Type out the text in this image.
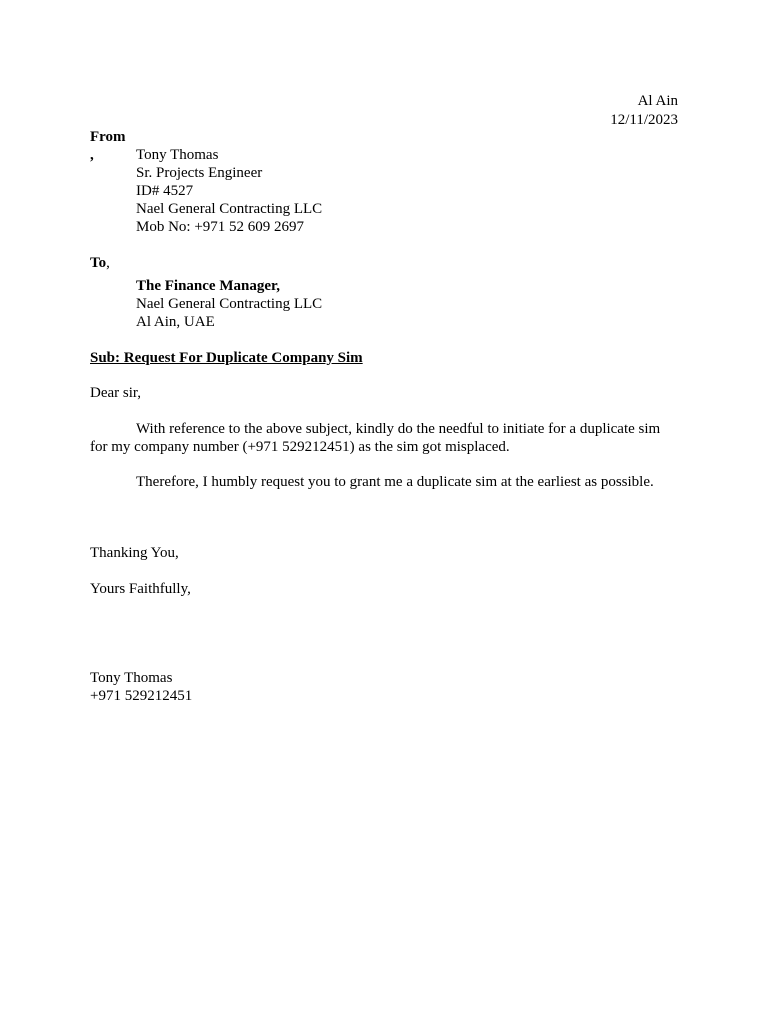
Al Ain
12/11/2023
From
,	Tony Thomas
Sr. Projects Engineer
ID# 4527
Nael General Contracting LLC
Mob No: +971 52 609 2697
To,
The Finance Manager,
Nael General Contracting LLC
Al Ain, UAE
Sub: Request For Duplicate Company Sim
Dear sir,
With reference to the above subject, kindly do the needful to initiate for a duplicate sim for my company number (+971 529212451) as the sim got misplaced.
Therefore, I humbly request you to grant me a duplicate sim at the earliest as possible.
Thanking You,
Yours Faithfully,
Tony Thomas
+971 529212451
